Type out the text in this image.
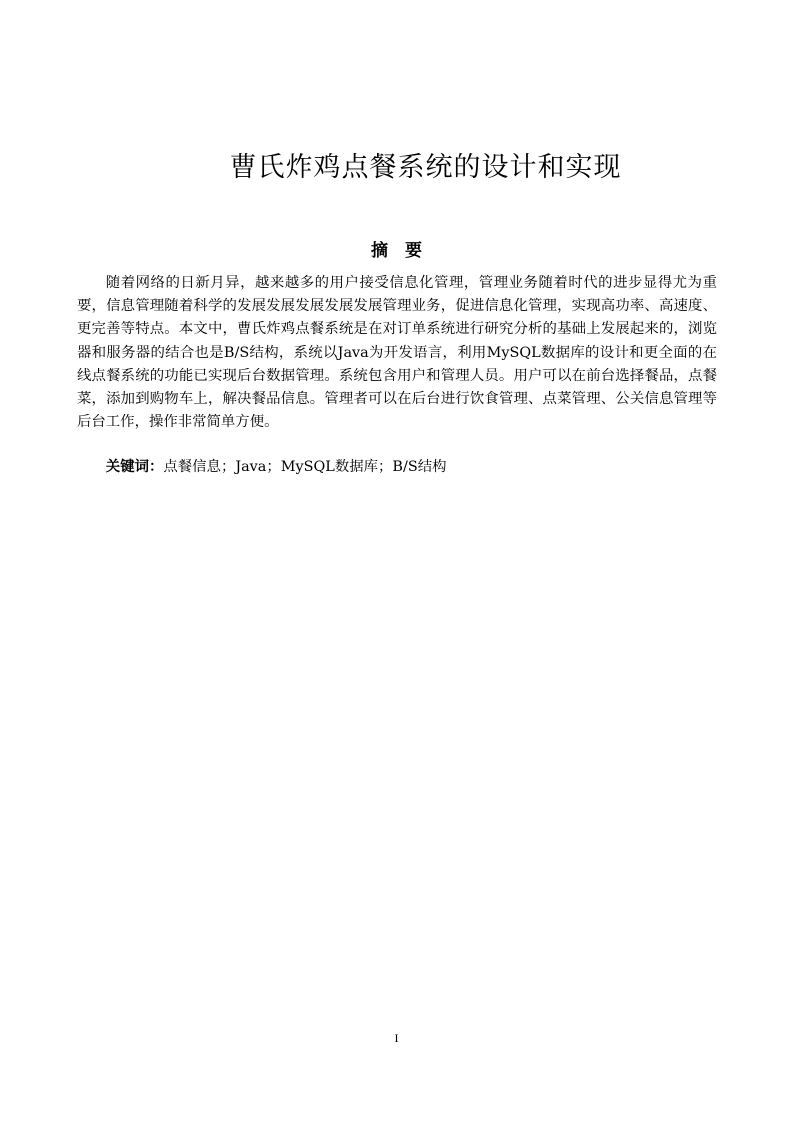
曹氏炸鸡点餐系统的设计和实现
摘　要
随着网络的日新月异，越来越多的用户接受信息化管理，管理业务随着时代的进步显得尤为重要，信息管理随着科学的发展发展发展发展发展管理业务，促进信息化管理，实现高功率、高速度、更完善等特点。本文中，曹氏炸鸡点餐系统是在对订单系统进行研究分析的基础上发展起来的，浏览器和服务器的结合也是B/S结构，系统以Java为开发语言，利用MySQL数据库的设计和更全面的在线点餐系统的功能已实现后台数据管理。系统包含用户和管理人员。用户可以在前台选择餐品，点餐菜，添加到购物车上，解决餐品信息。管理者可以在后台进行饮食管理、点菜管理、公关信息管理等后台工作，操作非常简单方便。
关键词：点餐信息；Java；MySQL数据库；B/S结构
I
